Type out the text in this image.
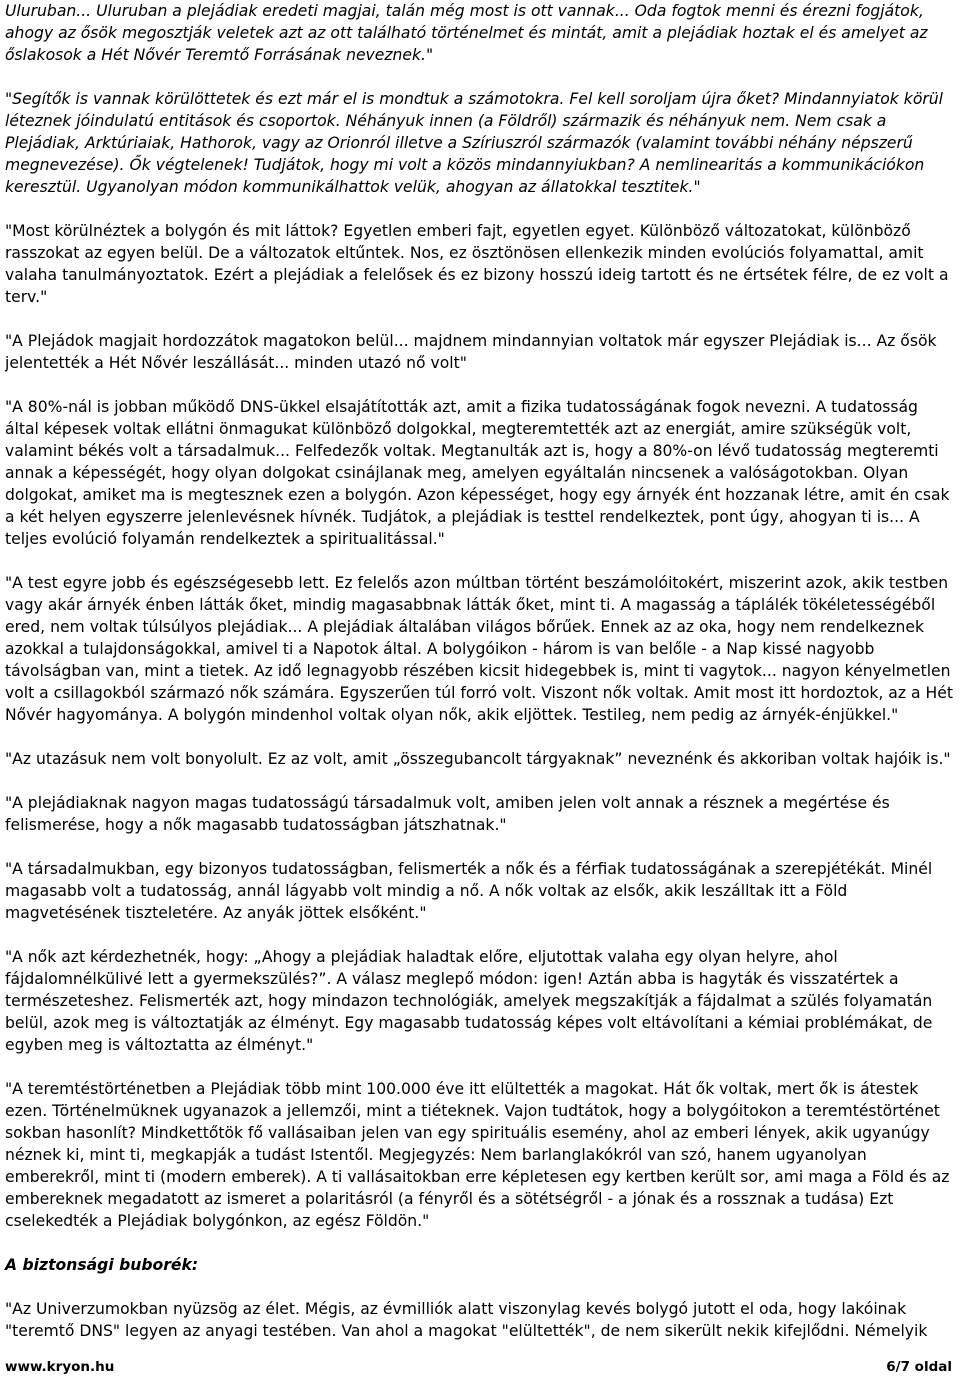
Uluruban... Uluruban a plejádiak eredeti magjai, talán még most is ott vannak... Oda fogtok menni és érezni fogjátok, ahogy az ősök megosztják veletek azt az ott található történelmet és mintát, amit a plejádiak hoztak el és amelyet az őslakosok a Hét Nővér Teremtő Forrásának neveznek."

"Segítők is vannak körülöttetek és ezt már el is mondtuk a számotokra. Fel kell soroljam újra őket? Mindannyiatok körül léteznek jóindulatú entitások és csoportok. Néhányuk innen (a Földről) származik és néhányuk nem. Nem csak a Plejádiak, Arktúriaiak, Hathorok, vagy az Orionról illetve a Szíriuszról származók (valamint további néhány népszerű megnevezése). Ők végtelenek! Tudjátok, hogy mi volt a közös mindannyiukban? A nemlinearitás a kommunikációkon keresztül. Ugyanolyan módon kommunikálhattok velük, ahogyan az állatokkal tesztitek."

"Most körülnéztek a bolygón és mit láttok? Egyetlen emberi fajt, egyetlen egyet. Különböző változatokat, különböző rasszokat az egyen belül. De a változatok eltűntek. Nos, ez ösztönösen ellenkezik minden evolúciós folyamattal, amit valaha tanulmányoztatok. Ezért a plejádiak a felelősek és ez bizony hosszú ideig tartott és ne értsétek félre, de ez volt a terv."

"A Plejádok magjait hordozzátok magatokon belül... majdnem mindannyian voltatok már egyszer Plejádiak is... Az ősök jelentették a Hét Nővér leszállását... minden utazó nő volt"

"A 80%-nál is jobban működő DNS-ükkel elsajátították azt, amit a fizika tudatosságának fogok nevezni. A tudatosság által képesek voltak ellátni önmagukat különböző dolgokkal, megteremtették azt az energiát, amire szükségük volt, valamint békés volt a társadalmuk... Felfedezők voltak. Megtanulták azt is, hogy a 80%-on lévő tudatosság megteremti annak a képességét, hogy olyan dolgokat csinájlanak meg, amelyen egyáltalán nincsenek a valóságotokban. Olyan dolgokat, amiket ma is megtesznek ezen a bolygón. Azon képességet, hogy egy árnyék ént hozzanak létre, amit én csak a két helyen egyszerre jelenlevésnek hívnék. Tudjátok, a plejádiak is testtel rendelkeztek, pont úgy, ahogyan ti is... A teljes evolúció folyamán rendelkeztek a spiritualitással."

"A test egyre jobb és egészségesebb lett. Ez felelős azon múltban történt beszámolóitokért, miszerint azok, akik testben vagy akár árnyék énben látták őket, mindig magasabbnak látták őket, mint ti. A magasság a táplálék tökéletességéből ered, nem voltak túlsúlyos plejádiak... A plejádiak általában világos bőrűek. Ennek az az oka, hogy nem rendelkeznek azokkal a tulajdonságokkal, amivel ti a Napotok által. A bolygóikon - három is van belőle - a Nap kissé nagyobb távolságban van, mint a tietek. Az idő legnagyobb részében kicsit hidegebbek is, mint ti vagytok... nagyon kényelmetlen volt a csillagokból származó nők számára. Egyszerűen túl forró volt. Viszont nők voltak. Amit most itt hordoztok, az a Hét Nővér hagyománya. A bolygón mindenhol voltak olyan nők, akik eljöttek. Testileg, nem pedig az árnyék-énjükkel."

"Az utazásuk nem volt bonyolult. Ez az volt, amit „összegubancolt tárgyaknak” neveznénk és akkoriban voltak hajóik is."

"A plejádiaknak nagyon magas tudatosságú társadalmuk volt, amiben jelen volt annak a résznek a megértése és felismerése, hogy a nők magasabb tudatosságban játszhatnak."

"A társadalmukban, egy bizonyos tudatosságban, felismerték a nők és a férfiak tudatosságának a szerepjétékát. Minél magasabb volt a tudatosság, annál lágyabb volt mindig a nő. A nők voltak az elsők, akik leszálltak itt a Föld magvetésének tiszteletére. Az anyák jöttek elsőként."

"A nők azt kérdezhetnék, hogy: „Ahogy a plejádiak haladtak előre, eljutottak valaha egy olyan helyre, ahol fájdalomnélkülivé lett a gyermekszülés?”. A válasz meglepő módon: igen! Aztán abba is hagyták és visszatértek a természeteshez. Felismerték azt, hogy mindazon technológiák, amelyek megszakítják a fájdalmat a szülés folyamatán belül, azok meg is változtatják az élményt. Egy magasabb tudatosság képes volt eltávolítani a kémiai problémákat, de egyben meg is változtatta az élményt."

"A teremtéstörténetben a Plejádiak több mint 100.000 éve itt elültették a magokat. Hát ők voltak, mert ők is átestek ezen. Történelmüknek ugyanazok a jellemzői, mint a tiéteknek. Vajon tudtátok, hogy a bolygóitokon a teremtéstörténet sokban hasonlít? Mindkettőtök fő vallásaiban jelen van egy spirituális esemény, ahol az emberi lények, akik ugyanúgy néznek ki, mint ti, megkapják a tudást Istentől. Megjegyzés: Nem barlanglakókról van szó, hanem ugyanolyan emberekről, mint ti (modern emberek). A ti vallásaitokban erre képletesen egy kertben került sor, ami maga a Föld és az embereknek megadatott az ismeret a polaritásról (a fényről és a sötétségről - a jónak és a rossznak a tudása) Ezt cselekedték a Plejádiak bolygónkon, az egész Földön."

A biztonsági buborék:

"Az Univerzumokban nyüzsög az élet. Mégis, az évmilliók alatt viszonylag kevés bolygó jutott el oda, hogy lakóinak "teremtő DNS" legyen az anyagi testében. Van ahol a magokat "elültették", de nem sikerült nekik kifejlődni. Némelyik

www.kryon.hu	6/7 oldal
